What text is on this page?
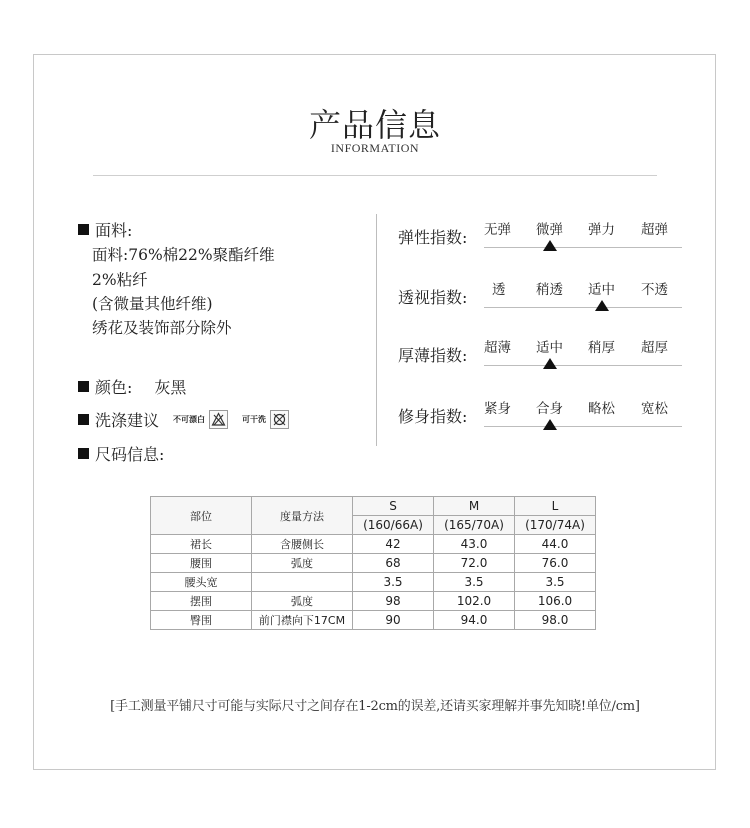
产品信息
INFORMATION
面料:
面料:76%棉22%聚酯纤维
2%粘纤
(含微量其他纤维)
绣花及装饰部分除外
颜色: 灰黑
洗涤建议 不可漂白	可干洗
尺码信息:
弹性指数: 无弹 微弹 弹力 超弹
透视指数: 透 稍透 适中 不透
厚薄指数: 超薄 适中 稍厚 超厚
修身指数: 紧身 合身 略松 宽松
部位	度量方法	S	M	L
		(160/66A)	(165/70A)	(170/74A)
裙长	含腰侧长	42	43.0	44.0
腰围	弧度	68	72.0	76.0
腰头宽		3.5	3.5	3.5
摆围	弧度	98	102.0	106.0
臀围	前门襟向下17CM	90	94.0	98.0
[手工测量平铺尺寸可能与实际尺寸之间存在1-2cm的误差,还请买家理解并事先知晓!单位/cm]
